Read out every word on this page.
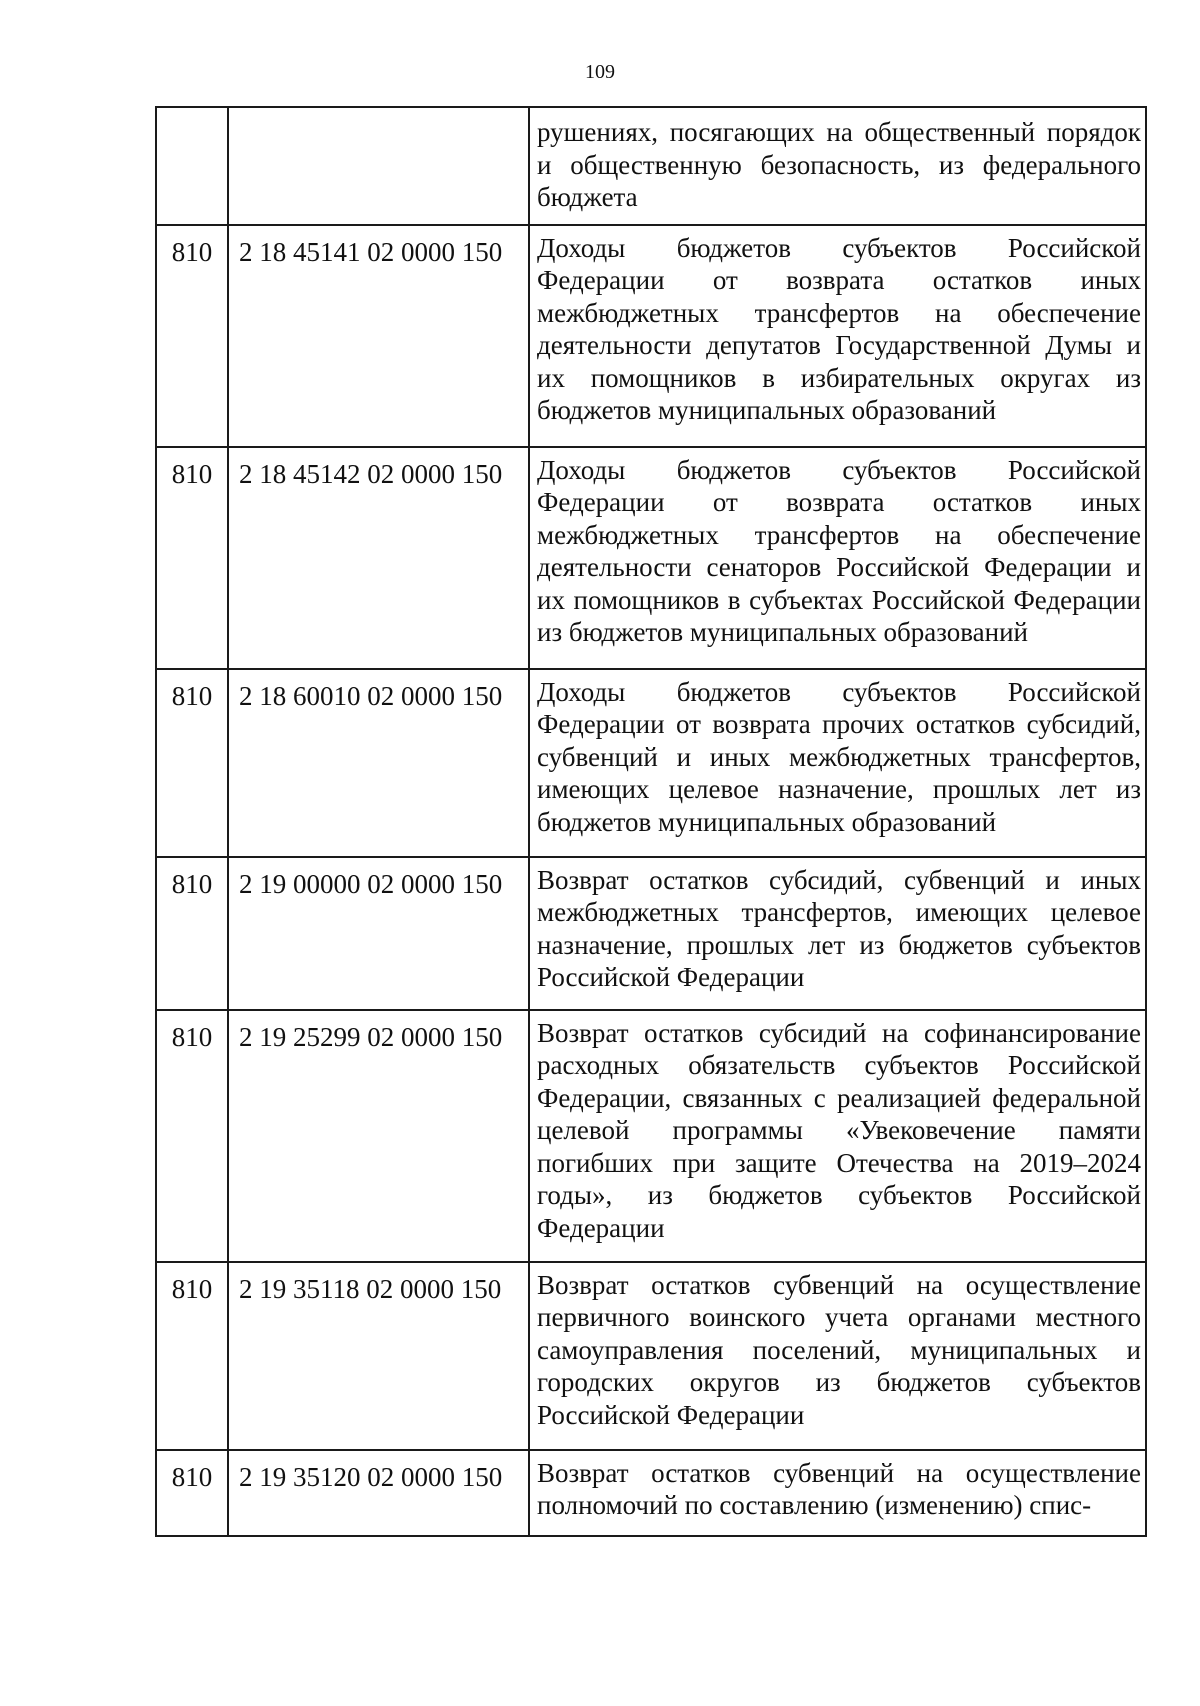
109
		рушениях, посягающих на общественный порядок и общественную безопасность, из федерального бюджета
810	2 18 45141 02 0000 150	Доходы бюджетов субъектов Российской Федерации от возврата остатков иных межбюджетных трансфертов на обеспечение деятельности депутатов Государственной Думы и их помощников в избирательных округах из бюджетов муниципальных образований
810	2 18 45142 02 0000 150	Доходы бюджетов субъектов Российской Федерации от возврата остатков иных межбюджетных трансфертов на обеспечение деятельности сенаторов Российской Федерации и их помощников в субъектах Российской Федерации из бюджетов муниципальных образований
810	2 18 60010 02 0000 150	Доходы бюджетов субъектов Российской Федерации от возврата прочих остатков субсидий, субвенций и иных межбюджетных трансфертов, имеющих целевое назначение, прошлых лет из бюджетов муниципальных образований
810	2 19 00000 02 0000 150	Возврат остатков субсидий, субвенций и иных межбюджетных трансфертов, имеющих целевое назначение, прошлых лет из бюджетов субъектов Российской Федерации
810	2 19 25299 02 0000 150	Возврат остатков субсидий на софинансирование расходных обязательств субъектов Российской Федерации, связанных с реализацией федеральной целевой программы «Увековечение памяти погибших при защите Отечества на 2019–2024 годы», из бюджетов субъектов Российской Федерации
810	2 19 35118 02 0000 150	Возврат остатков субвенций на осуществление первичного воинского учета органами местного самоуправления поселений, муниципальных и городских округов из бюджетов субъектов Российской Федерации
810	2 19 35120 02 0000 150	Возврат остатков субвенций на осуществление полномочий по составлению (изменению) спис-
